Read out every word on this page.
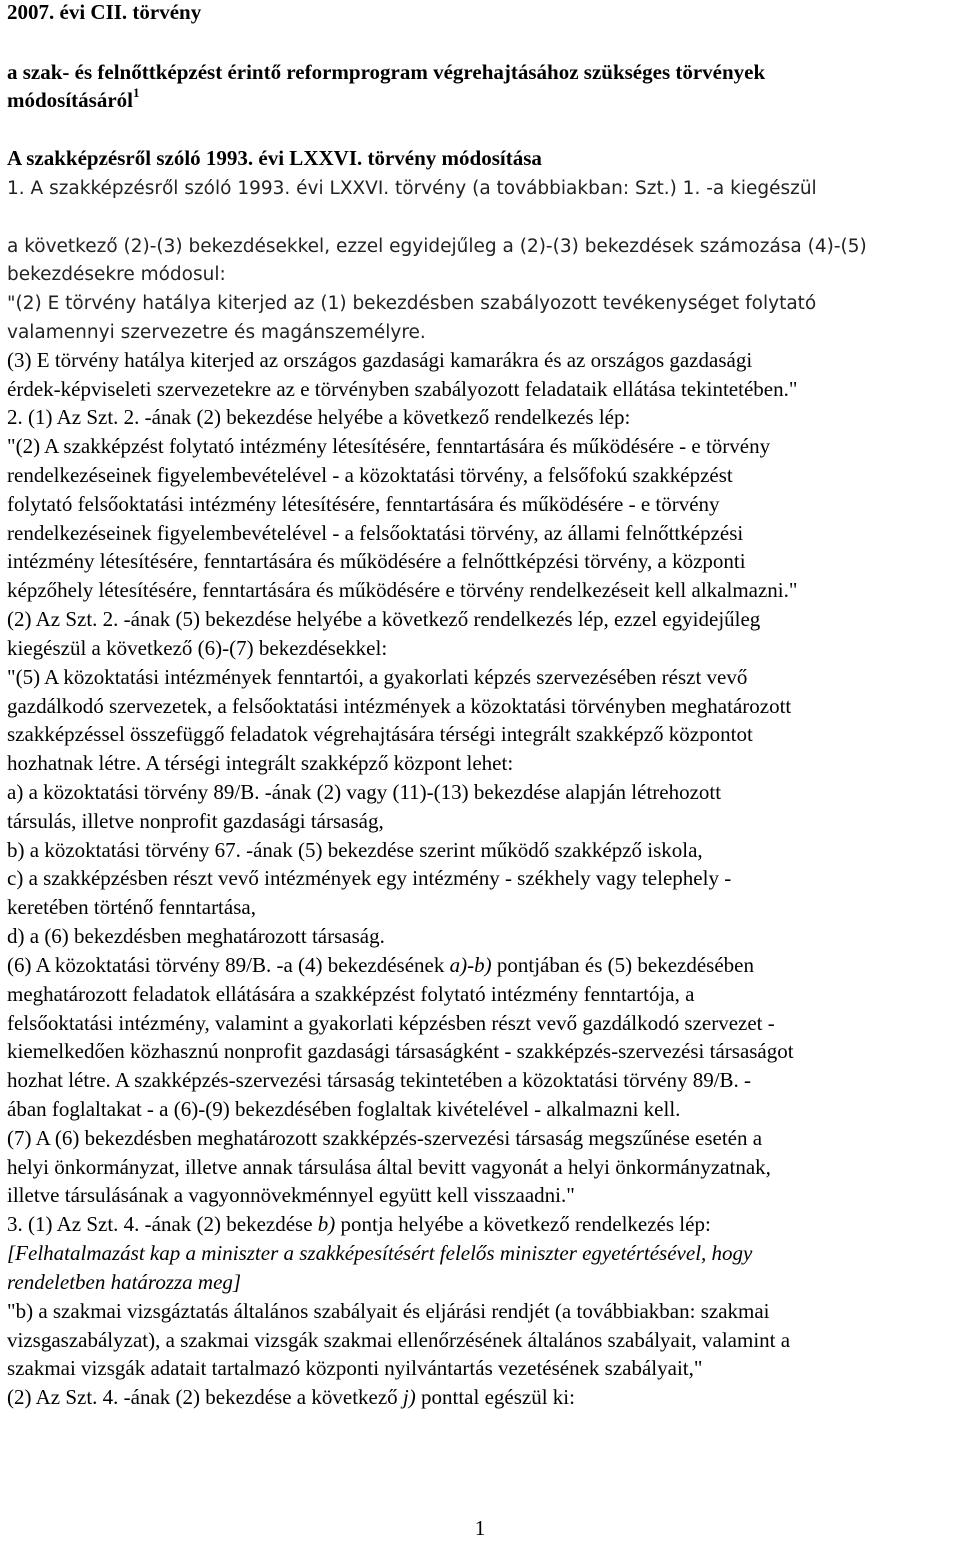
2007. évi CII. törvény
a szak- és felnőttképzést érintő reformprogram végrehajtásához szükséges törvények
módosításáról$^1$
A szakképzésről szóló 1993. évi LXXVI. törvény módosítása
1. A szakképzésről szóló 1993. évi LXXVI. törvény (a továbbiakban: Szt.) 1. -a kiegészül
a következő (2)-(3) bekezdésekkel, ezzel egyidejűleg a (2)-(3) bekezdések számozása (4)-(5)
bekezdésekre módosul:
"(2) E törvény hatálya kiterjed az (1) bekezdésben szabályozott tevékenységet folytató
valamennyi szervezetre és magánszemélyre.
(3) E törvény hatálya kiterjed az országos gazdasági kamarákra és az országos gazdasági
érdek-képviseleti szervezetekre az e törvényben szabályozott feladataik ellátása tekintetében."
2. (1) Az Szt. 2. -ának (2) bekezdése helyébe a következő rendelkezés lép:
"(2) A szakképzést folytató intézmény létesítésére, fenntartására és működésére - e törvény
rendelkezéseinek figyelembevételével - a közoktatási törvény, a felsőfokú szakképzést
folytató felsőoktatási intézmény létesítésére, fenntartására és működésére - e törvény
rendelkezéseinek figyelembevételével - a felsőoktatási törvény, az állami felnőttképzési
intézmény létesítésére, fenntartására és működésére a felnőttképzési törvény, a központi
képzőhely létesítésére, fenntartására és működésére e törvény rendelkezéseit kell alkalmazni."
(2) Az Szt. 2. -ának (5) bekezdése helyébe a következő rendelkezés lép, ezzel egyidejűleg
kiegészül a következő (6)-(7) bekezdésekkel:
"(5) A közoktatási intézmények fenntartói, a gyakorlati képzés szervezésében részt vevő
gazdálkodó szervezetek, a felsőoktatási intézmények a közoktatási törvényben meghatározott
szakképzéssel összefüggő feladatok végrehajtására térségi integrált szakképző központot
hozhatnak létre. A térségi integrált szakképző központ lehet:
a) a közoktatási törvény 89/B. -ának (2) vagy (11)-(13) bekezdése alapján létrehozott
társulás, illetve nonprofit gazdasági társaság,
b) a közoktatási törvény 67. -ának (5) bekezdése szerint működő szakképző iskola,
c) a szakképzésben részt vevő intézmények egy intézmény - székhely vagy telephely -
keretében történő fenntartása,
d) a (6) bekezdésben meghatározott társaság.
(6) A közoktatási törvény 89/B. -a (4) bekezdésének a)-b) pontjában és (5) bekezdésében
meghatározott feladatok ellátására a szakképzést folytató intézmény fenntartója, a
felsőoktatási intézmény, valamint a gyakorlati képzésben részt vevő gazdálkodó szervezet -
kiemelkedően közhasznú nonprofit gazdasági társaságként - szakképzés-szervezési társaságot
hozhat létre. A szakképzés-szervezési társaság tekintetében a közoktatási törvény 89/B. -
ában foglaltakat - a (6)-(9) bekezdésében foglaltak kivételével - alkalmazni kell.
(7) A (6) bekezdésben meghatározott szakképzés-szervezési társaság megszűnése esetén a
helyi önkormányzat, illetve annak társulása által bevitt vagyonát a helyi önkormányzatnak,
illetve társulásának a vagyonnövekménnyel együtt kell visszaadni."
3. (1) Az Szt. 4. -ának (2) bekezdése b) pontja helyébe a következő rendelkezés lép:
[Felhatalmazást kap a miniszter a szakképesítésért felelős miniszter egyetértésével, hogy
rendeletben határozza meg]
"b) a szakmai vizsgáztatás általános szabályait és eljárási rendjét (a továbbiakban: szakmai
vizsgaszabályzat), a szakmai vizsgák szakmai ellenőrzésének általános szabályait, valamint a
szakmai vizsgák adatait tartalmazó központi nyilvántartás vezetésének szabályait,"
(2) Az Szt. 4. -ának (2) bekezdése a következő j) ponttal egészül ki:
1
